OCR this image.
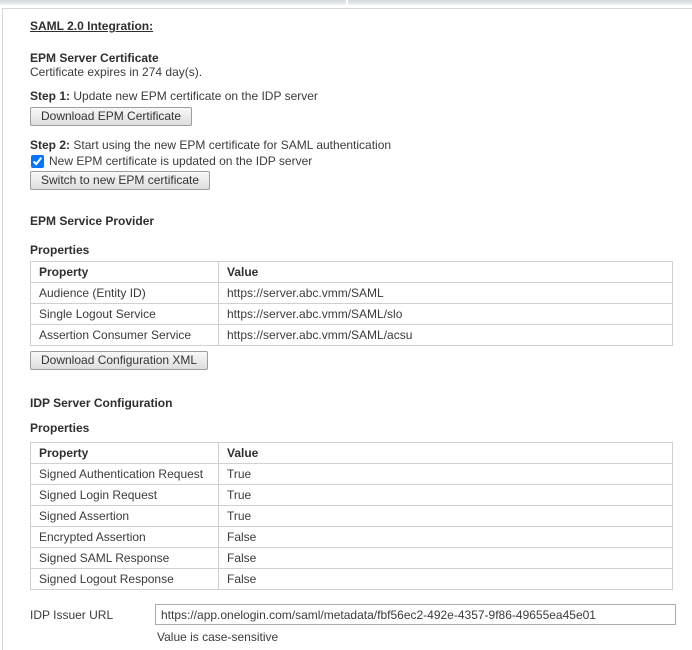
SAML 2.0 Integration:
EPM Server Certificate
Certificate expires in 274 day(s).
Step 1: Update new EPM certificate on the IDP server
Download EPM Certificate
Step 2: Start using the new EPM certificate for SAML authentication
New EPM certificate is updated on the IDP server
Switch to new EPM certificate
EPM Service Provider
Properties
Property	Value
Audience (Entity ID)	https://server.abc.vmm/SAML
Single Logout Service	https://server.abc.vmm/SAML/slo
Assertion Consumer Service	https://server.abc.vmm/SAML/acsu
Download Configuration XML
IDP Server Configuration
Properties
Property	Value
Signed Authentication Request	True
Signed Login Request	True
Signed Assertion	True
Encrypted Assertion	False
Signed SAML Response	False
Signed Logout Response	False
IDP Issuer URL
https://app.onelogin.com/saml/metadata/fbf56ec2-492e-4357-9f86-49655ea45e01
Value is case-sensitive
